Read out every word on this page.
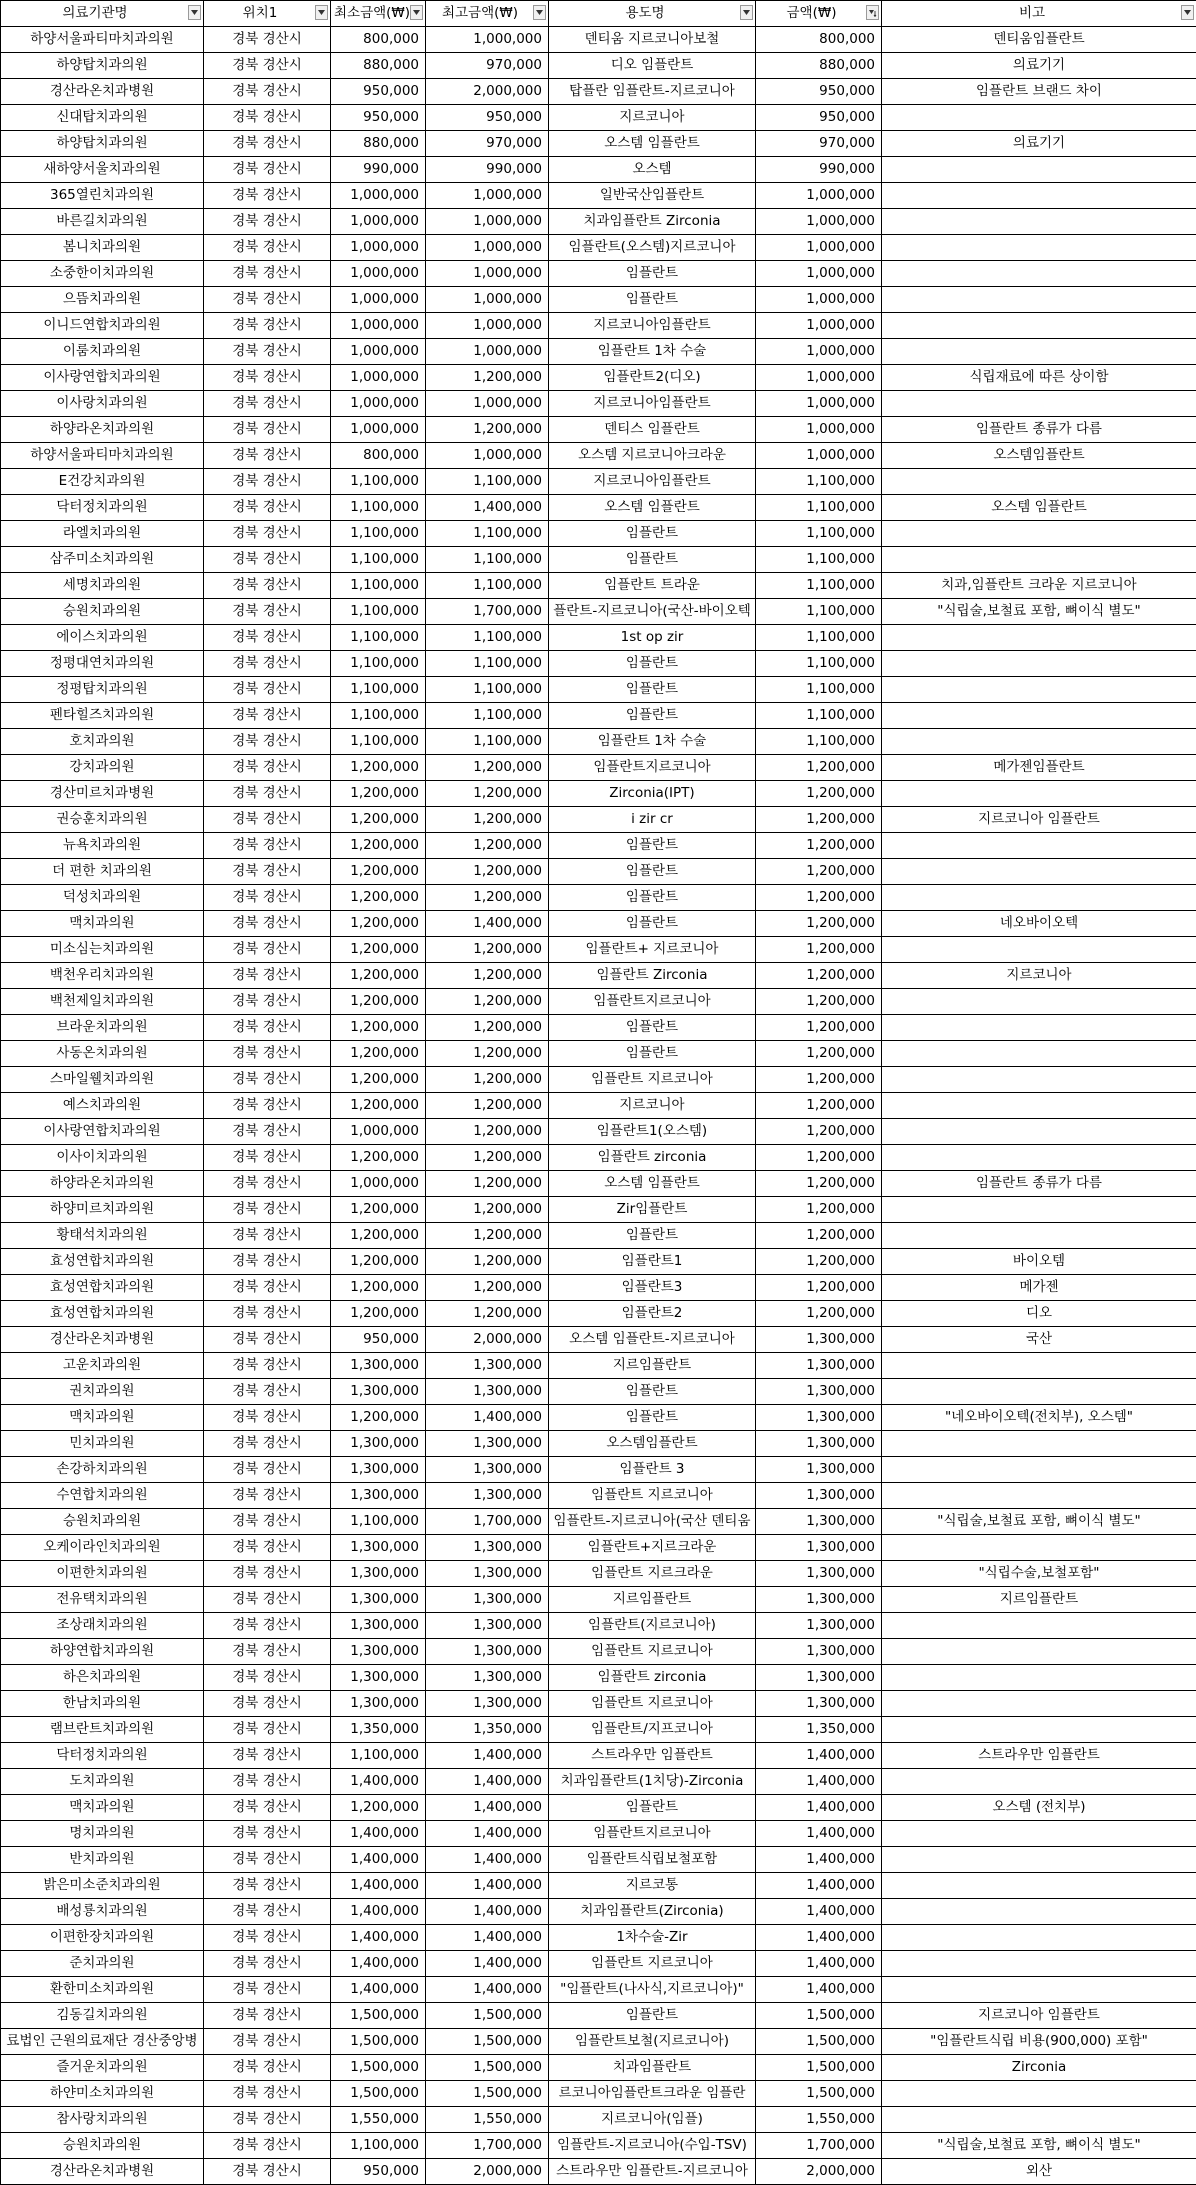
의료기관명	위치1	최소금액(₩)	최고금액(₩)	용도명	금액(₩)	비고

하양서울파티마치과의원	경북 경산시	800,000	1,000,000	덴티움 지르코니아보철	800,000	덴티움임플란트
하양탑치과의원	경북 경산시	880,000	970,000	디오 임플란트	880,000	의료기기
경산라온치과병원	경북 경산시	950,000	2,000,000	탑플란 임플란트-지르코니아	950,000	임플란트 브랜드 차이
신대탑치과의원	경북 경산시	950,000	950,000	지르코니아	950,000	
하양탑치과의원	경북 경산시	880,000	970,000	오스템 임플란트	970,000	의료기기
새하양서울치과의원	경북 경산시	990,000	990,000	오스템	990,000	
365열린치과의원	경북 경산시	1,000,000	1,000,000	일반국산임플란트	1,000,000	
바른길치과의원	경북 경산시	1,000,000	1,000,000	치과임플란트 Zirconia	1,000,000	
봄니치과의원	경북 경산시	1,000,000	1,000,000	임플란트(오스템)지르코니아	1,000,000	
소중한이치과의원	경북 경산시	1,000,000	1,000,000	임플란트	1,000,000	
으뜸치과의원	경북 경산시	1,000,000	1,000,000	임플란트	1,000,000	
이니드연합치과의원	경북 경산시	1,000,000	1,000,000	지르코니아임플란트	1,000,000	
이룸치과의원	경북 경산시	1,000,000	1,000,000	임플란트 1차 수술	1,000,000	
이사랑연합치과의원	경북 경산시	1,000,000	1,200,000	임플란트2(디오)	1,000,000	식립재료에 따른 상이함
이사랑치과의원	경북 경산시	1,000,000	1,000,000	지르코니아임플란트	1,000,000	
하양라온치과의원	경북 경산시	1,000,000	1,200,000	덴티스 임플란트	1,000,000	임플란트 종류가 다름
하양서울파티마치과의원	경북 경산시	800,000	1,000,000	오스템 지르코니아크라운	1,000,000	오스템임플란트
E건강치과의원	경북 경산시	1,100,000	1,100,000	지르코니아임플란트	1,100,000	
닥터정치과의원	경북 경산시	1,100,000	1,400,000	오스템 임플란트	1,100,000	오스템 임플란트
라엘치과의원	경북 경산시	1,100,000	1,100,000	임플란트	1,100,000	
삼주미소치과의원	경북 경산시	1,100,000	1,100,000	임플란트	1,100,000	
세명치과의원	경북 경산시	1,100,000	1,100,000	임플란트 트라운	1,100,000	치과,임플란트 크라운 지르코니아
승원치과의원	경북 경산시	1,100,000	1,700,000	플란트-지르코니아(국산-바이오텍	1,100,000	"식립술,보철료 포함, 뼈이식 별도"
에이스치과의원	경북 경산시	1,100,000	1,100,000	1st op zir	1,100,000	
정평대연치과의원	경북 경산시	1,100,000	1,100,000	임플란트	1,100,000	
정평탑치과의원	경북 경산시	1,100,000	1,100,000	임플란트	1,100,000	
펜타힐즈치과의원	경북 경산시	1,100,000	1,100,000	임플란트	1,100,000	
호치과의원	경북 경산시	1,100,000	1,100,000	임플란트 1차 수술	1,100,000	
강치과의원	경북 경산시	1,200,000	1,200,000	임플란트지르코니아	1,200,000	메가젠임플란트
경산미르치과병원	경북 경산시	1,200,000	1,200,000	Zirconia(IPT)	1,200,000	
권승훈치과의원	경북 경산시	1,200,000	1,200,000	i zir cr	1,200,000	지르코니아 임플란트
뉴욕치과의원	경북 경산시	1,200,000	1,200,000	임플란트	1,200,000	
더 편한 치과의원	경북 경산시	1,200,000	1,200,000	임플란트	1,200,000	
덕성치과의원	경북 경산시	1,200,000	1,200,000	임플란트	1,200,000	
맥치과의원	경북 경산시	1,200,000	1,400,000	임플란트	1,200,000	네오바이오텍
미소심는치과의원	경북 경산시	1,200,000	1,200,000	임플란트+ 지르코니아	1,200,000	
백천우리치과의원	경북 경산시	1,200,000	1,200,000	임플란트 Zirconia	1,200,000	지르코니아
백천제일치과의원	경북 경산시	1,200,000	1,200,000	임플란트지르코니아	1,200,000	
브라운치과의원	경북 경산시	1,200,000	1,200,000	임플란트	1,200,000	
사동온치과의원	경북 경산시	1,200,000	1,200,000	임플란트	1,200,000	
스마일웰치과의원	경북 경산시	1,200,000	1,200,000	임플란트 지르코니아	1,200,000	
예스치과의원	경북 경산시	1,200,000	1,200,000	지르코니아	1,200,000	
이사랑연합치과의원	경북 경산시	1,000,000	1,200,000	임플란트1(오스템)	1,200,000	
이사이치과의원	경북 경산시	1,200,000	1,200,000	임플란트 zirconia	1,200,000	
하양라온치과의원	경북 경산시	1,000,000	1,200,000	오스템 임플란트	1,200,000	임플란트 종류가 다름
하양미르치과의원	경북 경산시	1,200,000	1,200,000	Zir임플란트	1,200,000	
황태석치과의원	경북 경산시	1,200,000	1,200,000	임플란트	1,200,000	
효성연합치과의원	경북 경산시	1,200,000	1,200,000	임플란트1	1,200,000	바이오템
효성연합치과의원	경북 경산시	1,200,000	1,200,000	임플란트3	1,200,000	메가젠
효성연합치과의원	경북 경산시	1,200,000	1,200,000	임플란트2	1,200,000	디오
경산라온치과병원	경북 경산시	950,000	2,000,000	오스템 임플란트-지르코니아	1,300,000	국산
고운치과의원	경북 경산시	1,300,000	1,300,000	지르임플란트	1,300,000	
권치과의원	경북 경산시	1,300,000	1,300,000	임플란트	1,300,000	
맥치과의원	경북 경산시	1,200,000	1,400,000	임플란트	1,300,000	"네오바이오텍(전치부), 오스템"
민치과의원	경북 경산시	1,300,000	1,300,000	오스템임플란트	1,300,000	
손강하치과의원	경북 경산시	1,300,000	1,300,000	임플란트 3	1,300,000	
수연합치과의원	경북 경산시	1,300,000	1,300,000	임플란트 지르코니아	1,300,000	
승원치과의원	경북 경산시	1,100,000	1,700,000	임플란트-지르코니아(국산 덴티움	1,300,000	"식립술,보철료 포함, 뼈이식 별도"
오케이라인치과의원	경북 경산시	1,300,000	1,300,000	임플란트+지르크라운	1,300,000	
이편한치과의원	경북 경산시	1,300,000	1,300,000	임플란트 지르크라운	1,300,000	"식립수술,보철포함"
전유택치과의원	경북 경산시	1,300,000	1,300,000	지르임플란트	1,300,000	지르임플란트
조상래치과의원	경북 경산시	1,300,000	1,300,000	임플란트(지르코니아)	1,300,000	
하양연합치과의원	경북 경산시	1,300,000	1,300,000	임플란트 지르코니아	1,300,000	
하은치과의원	경북 경산시	1,300,000	1,300,000	임플란트 zirconia	1,300,000	
한남치과의원	경북 경산시	1,300,000	1,300,000	임플란트 지르코니아	1,300,000	
램브란트치과의원	경북 경산시	1,350,000	1,350,000	임플란트/지프코니아	1,350,000	
닥터정치과의원	경북 경산시	1,100,000	1,400,000	스트라우만 임플란트	1,400,000	스트라우만 임플란트
도치과의원	경북 경산시	1,400,000	1,400,000	치과임플란트(1치당)-Zirconia	1,400,000	
맥치과의원	경북 경산시	1,200,000	1,400,000	임플란트	1,400,000	오스템 (전치부)
명치과의원	경북 경산시	1,400,000	1,400,000	임플란트지르코니아	1,400,000	
반치과의원	경북 경산시	1,400,000	1,400,000	임플란트식립보철포함	1,400,000	
밝은미소준치과의원	경북 경산시	1,400,000	1,400,000	지르코통	1,400,000	
배성룡치과의원	경북 경산시	1,400,000	1,400,000	치과임플란트(Zirconia)	1,400,000	
이편한장치과의원	경북 경산시	1,400,000	1,400,000	1차수술-Zir	1,400,000	
준치과의원	경북 경산시	1,400,000	1,400,000	임플란트 지르코니아	1,400,000	
환한미소치과의원	경북 경산시	1,400,000	1,400,000	"임플란트(나사식,지르코니아)"	1,400,000	
김동길치과의원	경북 경산시	1,500,000	1,500,000	임플란트	1,500,000	지르코니아 임플란트
료법인 근원의료재단 경산중앙병	경북 경산시	1,500,000	1,500,000	임플란트보철(지르코니아)	1,500,000	"임플란트식립 비용(900,000) 포함"
즐거운치과의원	경북 경산시	1,500,000	1,500,000	치과임플란트	1,500,000	Zirconia
하얀미소치과의원	경북 경산시	1,500,000	1,500,000	르코니아임플란트크라운 임플란	1,500,000	
참사랑치과의원	경북 경산시	1,550,000	1,550,000	지르코니아(임플)	1,550,000	
승원치과의원	경북 경산시	1,100,000	1,700,000	임플란트-지르코니아(수입-TSV)	1,700,000	"식립술,보철료 포함, 뼈이식 별도"
경산라온치과병원	경북 경산시	950,000	2,000,000	스트라우만 임플란트-지르코니아	2,000,000	외산
